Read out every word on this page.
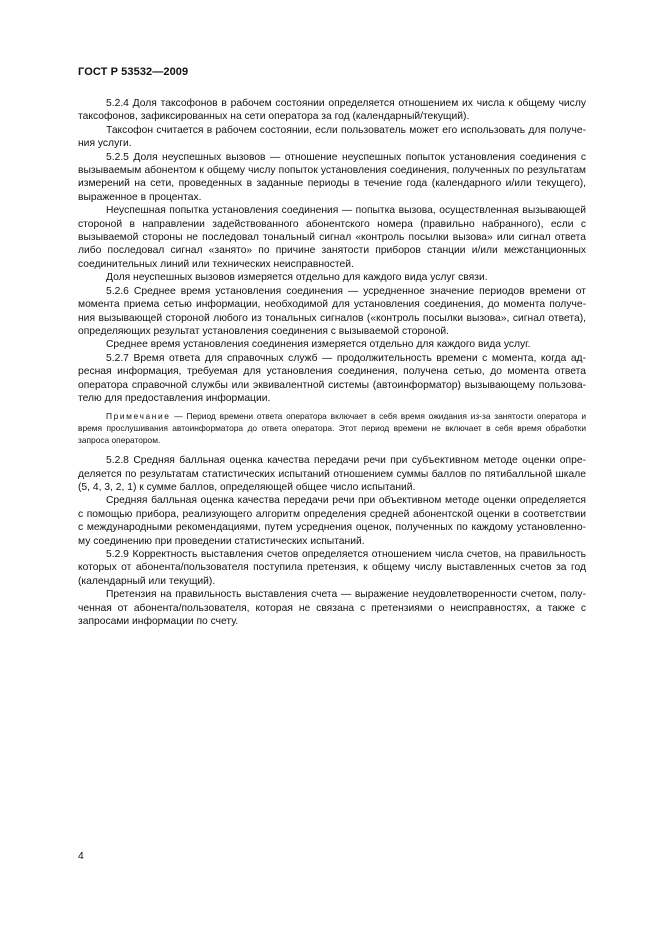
ГОСТ Р 53532—2009

5.2.4 Доля таксофонов в рабочем состоянии определяется отношением их числа к общему числу таксофонов, зафиксированных на сети оператора за год (календарный/текущий).

Таксофон считается в рабочем состоянии, если пользователь может его использовать для получения услуги.

5.2.5 Доля неуспешных вызовов — отношение неуспешных попыток установления соединения с вызываемым абонентом к общему числу попыток установления соединения, полученных по результатам измерений на сети, проведенных в заданные периоды в течение года (календарного и/или текущего), выраженное в процентах.

Неуспешная попытка установления соединения — попытка вызова, осуществленная вызывающей стороной в направлении задействованного абонентского номера (правильно набранного), если с вызываемой стороны не последовал тональный сигнал «контроль посылки вызова» или сигнал ответа либо последовал сигнал «занято» по причине занятости приборов станции и/или межстанционных соединительных линий или технических неисправностей.

Доля неуспешных вызовов измеряется отдельно для каждого вида услуг связи.

5.2.6 Среднее время установления соединения — усредненное значение периодов времени от момента приема сетью информации, необходимой для установления соединения, до момента получения вызывающей стороной любого из тональных сигналов («контроль посылки вызова», сигнал ответа), определяющих результат установления соединения с вызываемой стороной.

Среднее время установления соединения измеряется отдельно для каждого вида услуг.

5.2.7 Время ответа для справочных служб — продолжительность времени с момента, когда адресная информация, требуемая для установления соединения, получена сетью, до момента ответа оператора справочной службы или эквивалентной системы (автоинформатор) вызывающему пользователю для предоставления информации.

Примечание — Период времени ответа оператора включает в себя время ожидания из-за занятости оператора и время прослушивания автоинформатора до ответа оператора. Этот период времени не включает в себя время обработки запроса оператором.

5.2.8 Средняя балльная оценка качества передачи речи при субъективном методе оценки определяется по результатам статистических испытаний отношением суммы баллов по пятибалльной шкале (5, 4, 3, 2, 1) к сумме баллов, определяющей общее число испытаний.

Средняя балльная оценка качества передачи речи при объективном методе оценки определяется с помощью прибора, реализующего алгоритм определения средней абонентской оценки в соответствии с международными рекомендациями, путем усреднения оценок, полученных по каждому установленному соединению при проведении статистических испытаний.

5.2.9 Корректность выставления счетов определяется отношением числа счетов, на правильность которых от абонента/пользователя поступила претензия, к общему числу выставленных счетов за год (календарный или текущий).

Претензия на правильность выставления счета — выражение неудовлетворенности счетом, полученная от абонента/пользователя, которая не связана с претензиями о неисправностях, а также с запросами информации по счету.

4
